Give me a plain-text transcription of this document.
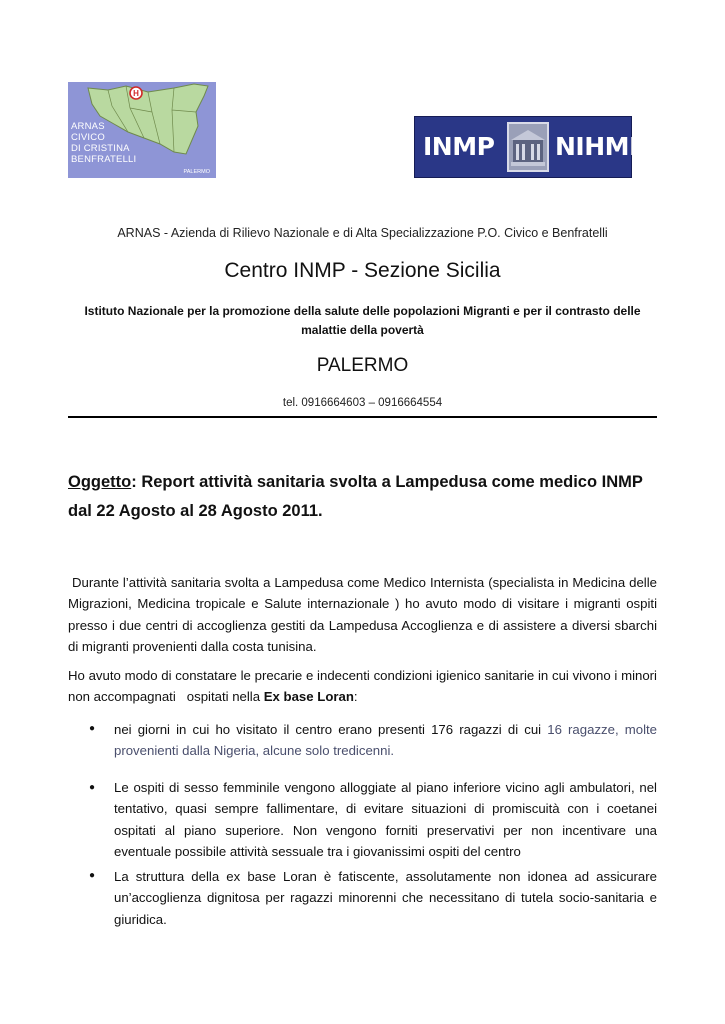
H
ARNAS
CIVICO
DI CRISTINA
BENFRATELLI
PALERMO
INMP NIHMP
ARNAS - Azienda di Rilievo Nazionale e di Alta Specializzazione P.O. Civico e Benfratelli
Centro INMP - Sezione Sicilia
Istituto Nazionale per la promozione della salute delle popolazioni Migranti e per il contrasto delle malattie della povertà
PALERMO
tel. 0916664603 – 0916664554
Oggetto: Report attività sanitaria svolta a Lampedusa come medico INMP dal 22 Agosto al 28 Agosto 2011.
Durante l’attività sanitaria svolta a Lampedusa come Medico Internista (specialista in Medicina delle Migrazioni, Medicina tropicale e Salute internazionale ) ho avuto modo di visitare i migranti ospiti presso i due centri di accoglienza gestiti da Lampedusa Accoglienza e di assistere a diversi sbarchi di migranti provenienti dalla costa tunisina.
Ho avuto modo di constatare le precarie e indecenti condizioni igienico sanitarie in cui vivono i minori non accompagnati   ospitati nella Ex base Loran:
● nei giorni in cui ho visitato il centro erano presenti 176 ragazzi di cui 16 ragazze, molte provenienti dalla Nigeria, alcune solo tredicenni.
● Le ospiti di sesso femminile vengono alloggiate al piano inferiore vicino agli ambulatori, nel tentativo, quasi sempre fallimentare, di evitare situazioni di promiscuità con i coetanei ospitati al piano superiore. Non vengono forniti preservativi per non incentivare una eventuale possibile attività sessuale tra i giovanissimi ospiti del centro
● La struttura della ex base Loran è fatiscente, assolutamente non idonea ad assicurare un’accoglienza dignitosa per ragazzi minorenni che necessitano di tutela socio-sanitaria e giuridica.
